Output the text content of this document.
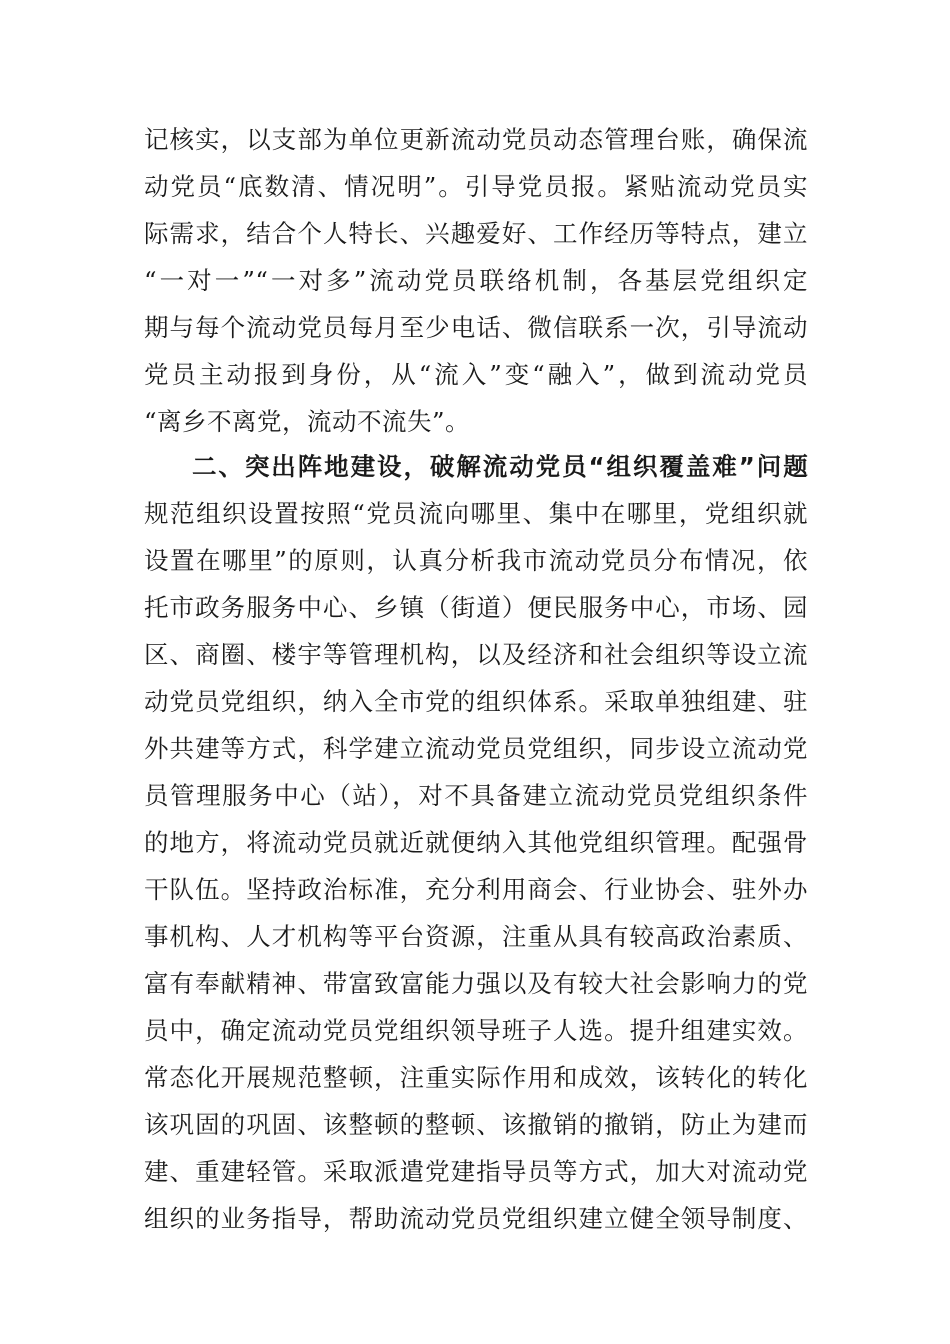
记核实，以支部为单位更新流动党员动态管理台账，确保流
动党员“底数清、情况明”。引导党员报。紧贴流动党员实
际需求，结合个人特长、兴趣爱好、工作经历等特点，建立
“一对一”“一对多”流动党员联络机制，各基层党组织定
期与每个流动党员每月至少电话、微信联系一次，引导流动
党员主动报到身份，从“流入”变“融入”，做到流动党员
“离乡不离党，流动不流失”。
二、突出阵地建设，破解流动党员“组织覆盖难”问题
规范组织设置按照“党员流向哪里、集中在哪里，党组织就
设置在哪里”的原则，认真分析我市流动党员分布情况，依
托市政务服务中心、乡镇（街道）便民服务中心，市场、园
区、商圈、楼宇等管理机构，以及经济和社会组织等设立流
动党员党组织，纳入全市党的组织体系。采取单独组建、驻
外共建等方式，科学建立流动党员党组织，同步设立流动党
员管理服务中心（站），对不具备建立流动党员党组织条件
的地方，将流动党员就近就便纳入其他党组织管理。配强骨
干队伍。坚持政治标准，充分利用商会、行业协会、驻外办
事机构、人才机构等平台资源，注重从具有较高政治素质、
富有奉献精神、带富致富能力强以及有较大社会影响力的党
员中，确定流动党员党组织领导班子人选。提升组建实效。
常态化开展规范整顿，注重实际作用和成效，该转化的转化
该巩固的巩固、该整顿的整顿、该撤销的撤销，防止为建而
建、重建轻管。采取派遣党建指导员等方式，加大对流动党
组织的业务指导，帮助流动党员党组织建立健全领导制度、
